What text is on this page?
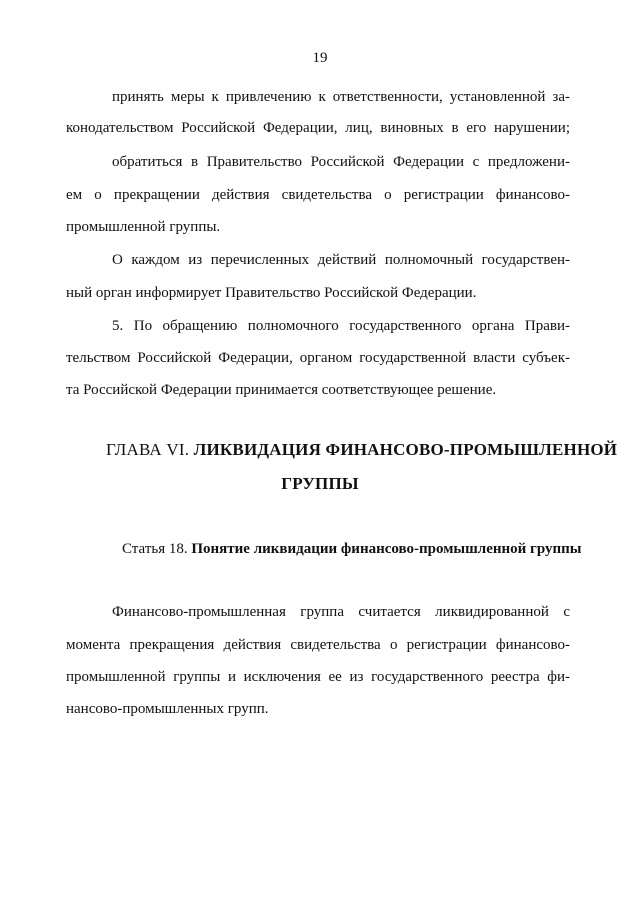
19
принять меры к привлечению к ответственности, установленной за-
конодательством Российской Федерации, лиц, виновных в его нарушении;
обратиться в Правительство Российской Федерации с предложени-
ем о прекращении действия свидетельства о регистрации финансово-
промышленной группы.
О каждом из перечисленных действий полномочный государствен-
ный орган информирует Правительство Российской Федерации.
5. По обращению полномочного государственного органа Прави-
тельством Российской Федерации, органом государственной власти субъек-
та Российской Федерации принимается соответствующее решение.
ГЛАВА VI. ЛИКВИДАЦИЯ ФИНАНСОВО-ПРОМЫШЛЕННОЙ
ГРУППЫ
Статья 18. Понятие ликвидации финансово-промышленной группы
Финансово-промышленная группа считается ликвидированной с
момента прекращения действия свидетельства о регистрации финансово-
промышленной группы и исключения ее из государственного реестра фи-
нансово-промышленных групп.
